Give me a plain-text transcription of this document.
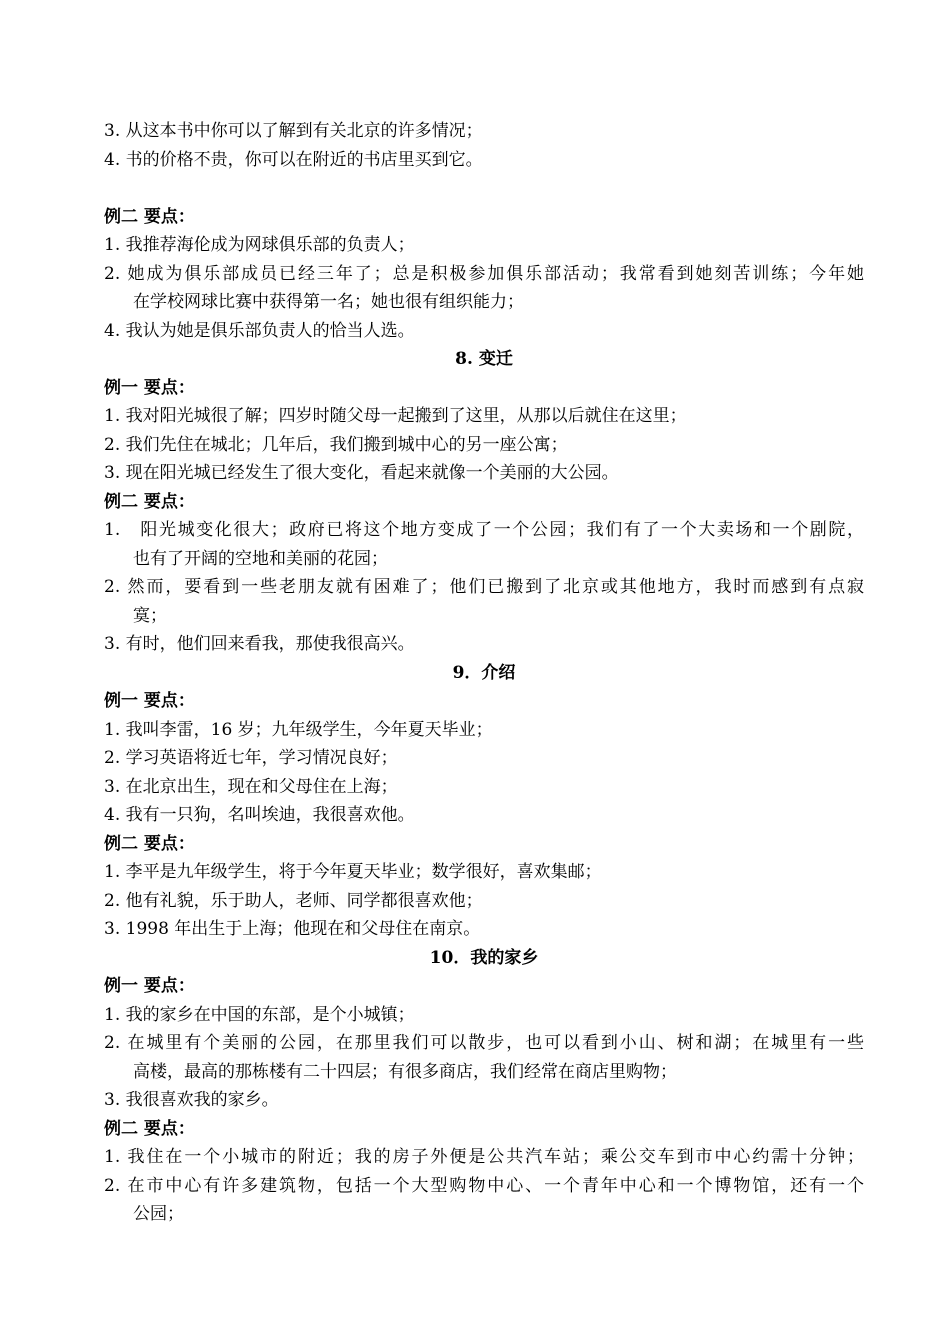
3. 从这本书中你可以了解到有关北京的许多情况；
4. 书的价格不贵，你可以在附近的书店里买到它。
例二 要点：
1. 我推荐海伦成为网球俱乐部的负责人；
2. 她成为俱乐部成员已经三年了；总是积极参加俱乐部活动；我常看到她刻苦训练；今年她
在学校网球比赛中获得第一名；她也很有组织能力；
4. 我认为她是俱乐部负责人的恰当人选。
8. 变迁
例一 要点：
1. 我对阳光城很了解；四岁时随父母一起搬到了这里，从那以后就住在这里；
2. 我们先住在城北；几年后，我们搬到城中心的另一座公寓；
3. 现在阳光城已经发生了很大变化，看起来就像一个美丽的大公园。
例二 要点：
1.　阳光城变化很大；政府已将这个地方变成了一个公园；我们有了一个大卖场和一个剧院，
也有了开阔的空地和美丽的花园；
2. 然而，要看到一些老朋友就有困难了；他们已搬到了北京或其他地方，我时而感到有点寂
寞；
3. 有时，他们回来看我，那使我很高兴。
9．介绍
例一 要点：
1. 我叫李雷，16 岁；九年级学生，今年夏天毕业；
2. 学习英语将近七年，学习情况良好；
3. 在北京出生，现在和父母住在上海；
4. 我有一只狗，名叫埃迪，我很喜欢他。
例二 要点：
1. 李平是九年级学生，将于今年夏天毕业；数学很好，喜欢集邮；
2. 他有礼貌，乐于助人，老师、同学都很喜欢他；
3. 1998 年出生于上海；他现在和父母住在南京。
10．我的家乡
例一 要点：
1. 我的家乡在中国的东部，是个小城镇；
2. 在城里有个美丽的公园，在那里我们可以散步，也可以看到小山、树和湖；在城里有一些
高楼，最高的那栋楼有二十四层；有很多商店，我们经常在商店里购物；
3. 我很喜欢我的家乡。
例二 要点：
1. 我住在一个小城市的附近；我的房子外便是公共汽车站；乘公交车到市中心约需十分钟；
2. 在市中心有许多建筑物，包括一个大型购物中心、一个青年中心和一个博物馆，还有一个
公园；
